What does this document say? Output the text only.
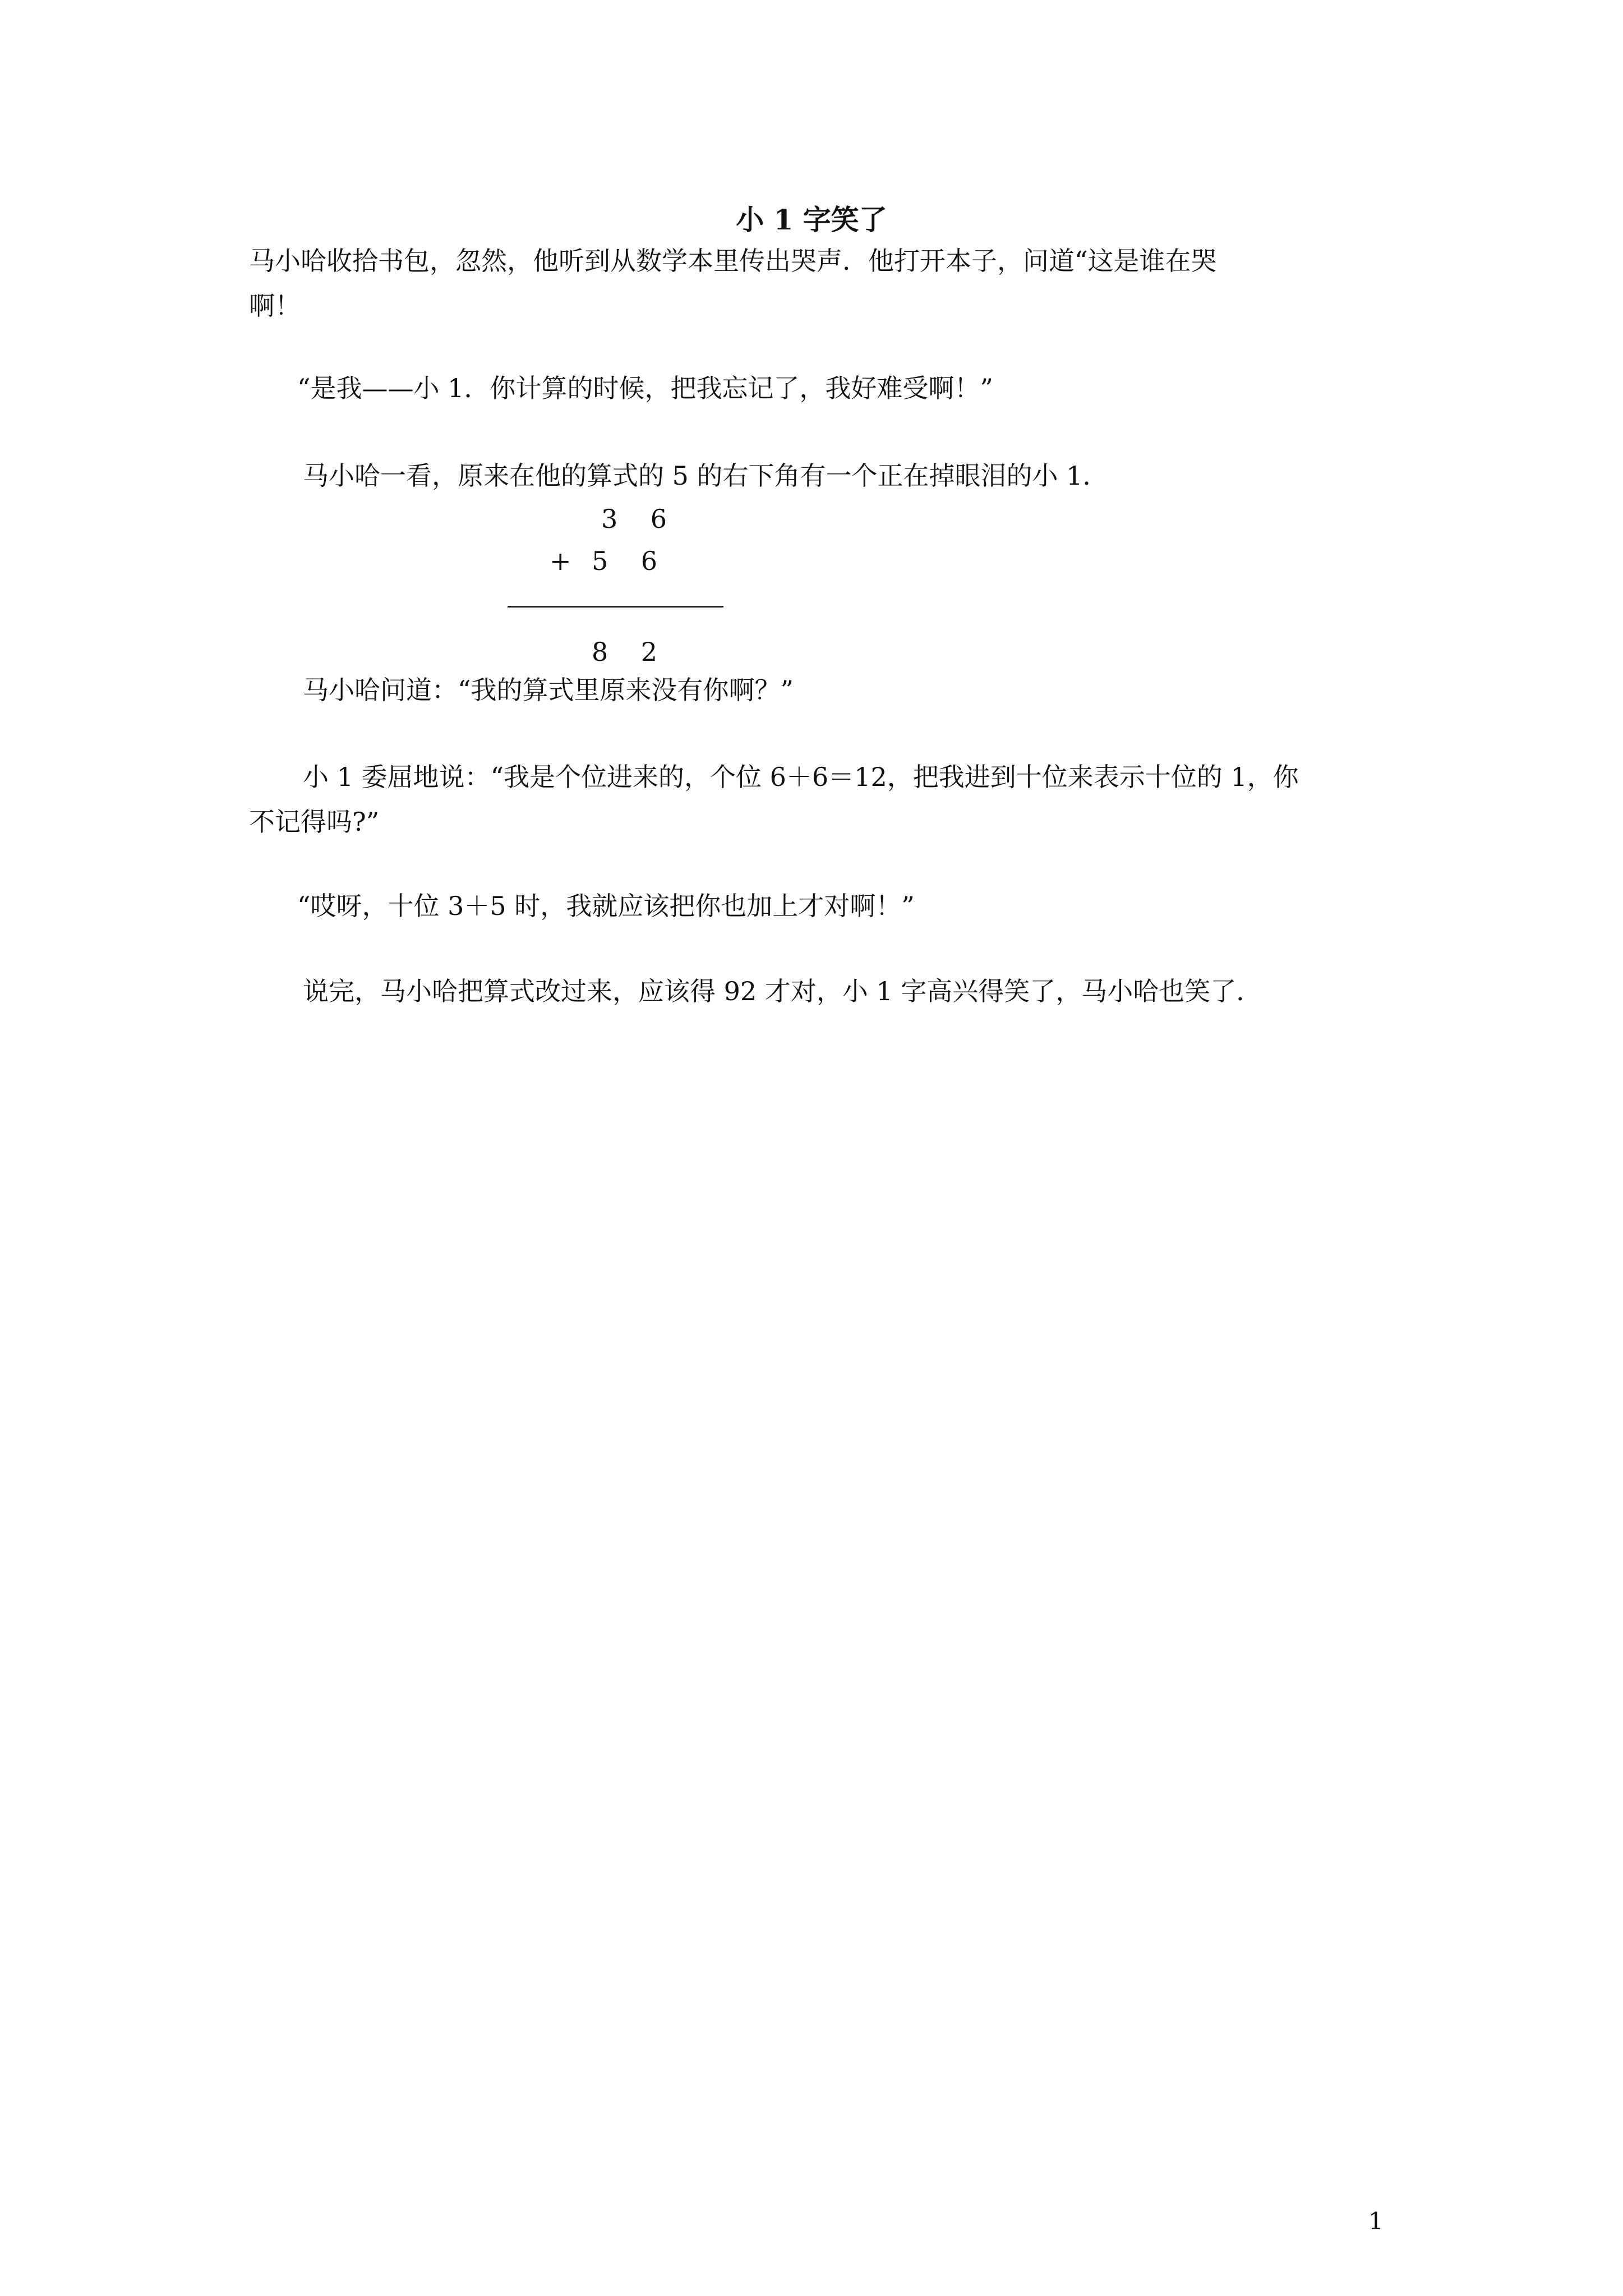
小 1 字笑了
马小哈收拾书包，忽然，他听到从数学本里传出哭声．他打开本子，问道“这是谁在哭
啊！
“是我——小 1．你计算的时候，把我忘记了，我好难受啊！”
马小哈一看，原来在他的算式的 5 的右下角有一个正在掉眼泪的小 1．
3    6
+ 5    6
8    2
马小哈问道：“我的算式里原来没有你啊？”
小 1 委屈地说：“我是个位进来的，个位 6＋6＝12，把我进到十位来表示十位的 1，你
不记得吗?”
“哎呀，十位 3＋5 时，我就应该把你也加上才对啊！”
说完，马小哈把算式改过来，应该得 92 才对，小 1 字高兴得笑了，马小哈也笑了．
1
